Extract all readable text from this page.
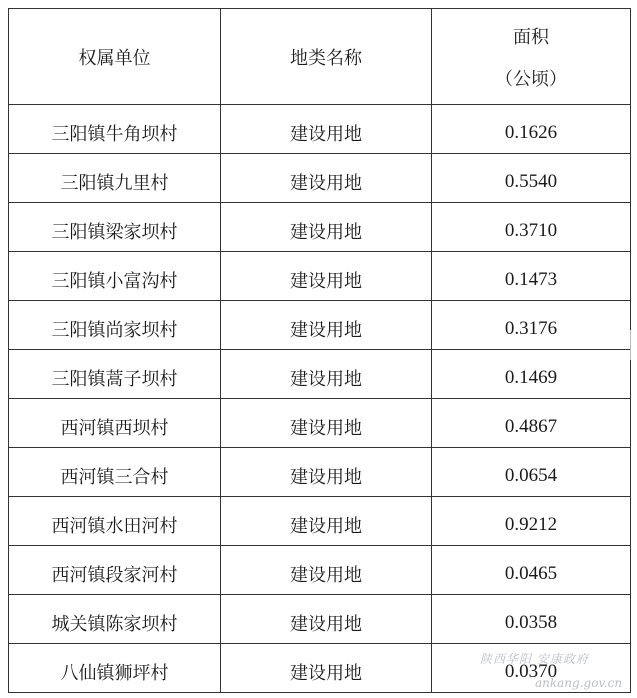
权属单位	地类名称	面积
（公顷）

三阳镇牛角坝村	建设用地	0.1626
三阳镇九里村	建设用地	0.5540
三阳镇梁家坝村	建设用地	0.3710
三阳镇小富沟村	建设用地	0.1473
三阳镇尚家坝村	建设用地	0.3176
三阳镇蒿子坝村	建设用地	0.1469
西河镇西坝村	建设用地	0.4867
西河镇三合村	建设用地	0.0654
西河镇水田河村	建设用地	0.9212
西河镇段家河村	建设用地	0.0465
城关镇陈家坝村	建设用地	0.0358
八仙镇狮坪村	建设用地	0.0370
陕西华阳 安康政府
ankang.gov.cn
